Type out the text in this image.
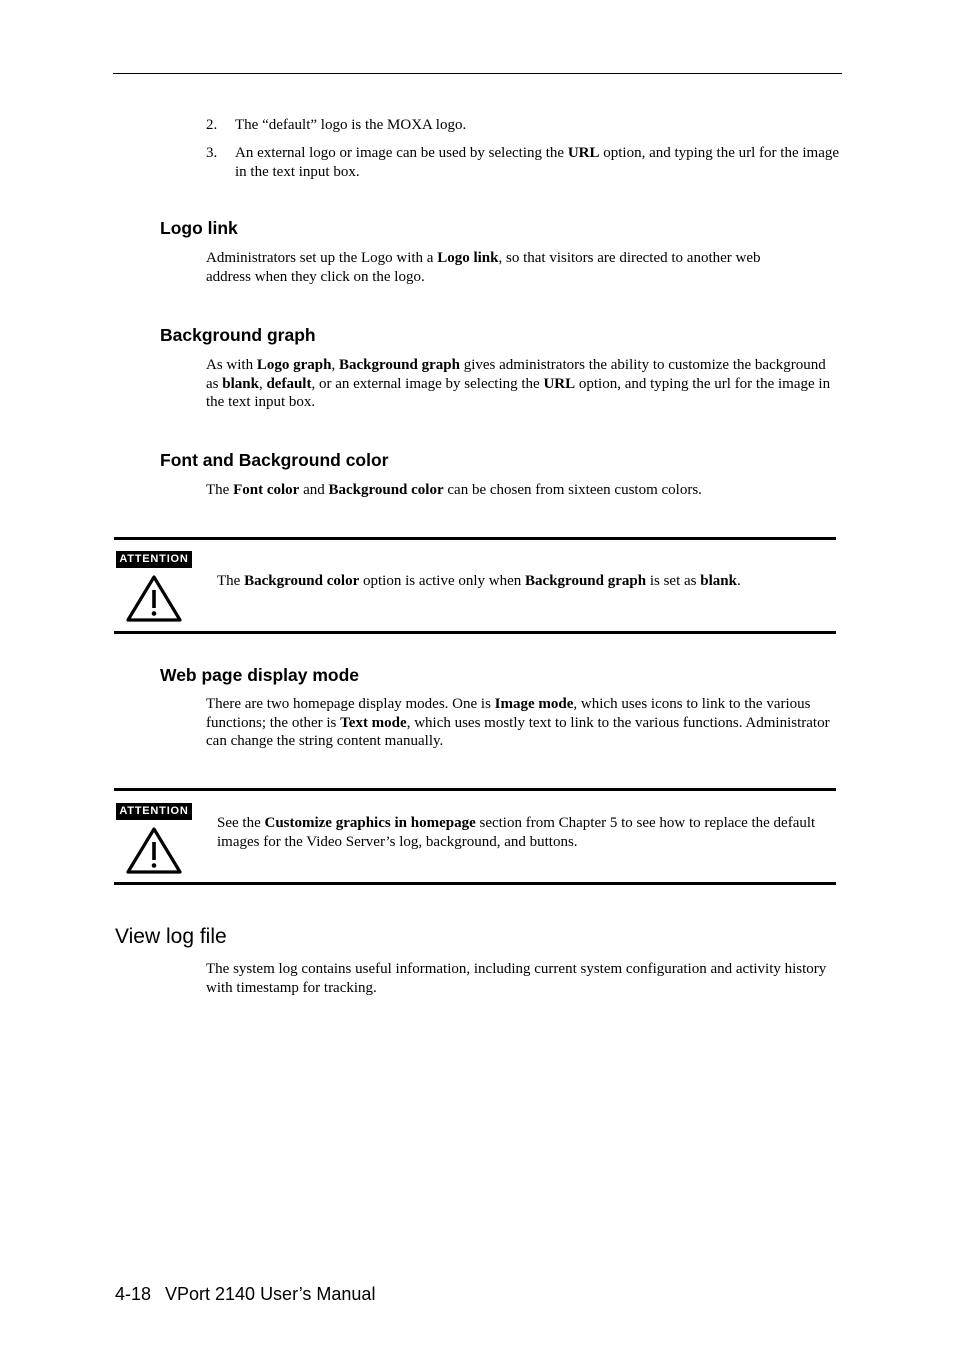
2.	The “default” logo is the MOXA logo.
3.	An external logo or image can be used by selecting the URL option, and typing the url for the image in the text input box.
Logo link
Administrators set up the Logo with a Logo link, so that visitors are directed to another web address when they click on the logo.
Background graph
As with Logo graph, Background graph gives administrators the ability to customize the background as blank, default, or an external image by selecting the URL option, and typing the url for the image in the text input box.
Font and Background color
The Font color and Background color can be chosen from sixteen custom colors.
ATTENTION
The Background color option is active only when Background graph is set as blank.
Web page display mode
There are two homepage display modes. One is Image mode, which uses icons to link to the various functions; the other is Text mode, which uses mostly text to link to the various functions. Administrator can change the string content manually.
ATTENTION
See the Customize graphics in homepage section from Chapter 5 to see how to replace the default images for the Video Server’s log, background, and buttons.
View log file
The system log contains useful information, including current system configuration and activity history with timestamp for tracking.
4-18 VPort 2140 User’s Manual
